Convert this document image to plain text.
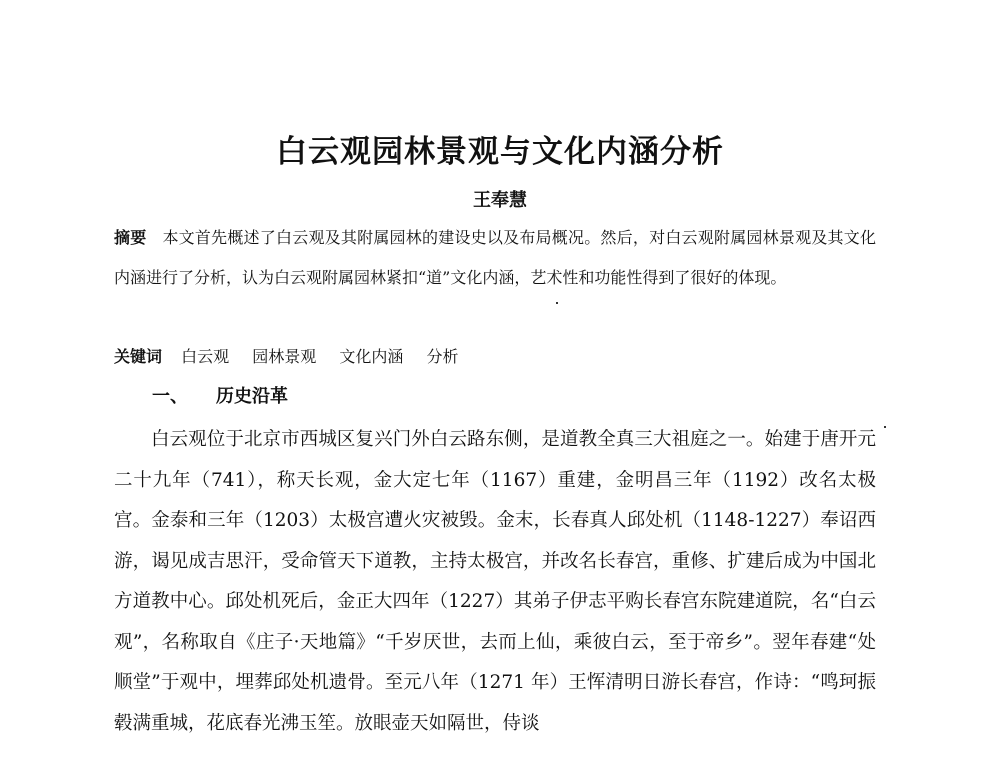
白云观园林景观与文化内涵分析
王奉慧
摘要 本文首先概述了白云观及其附属园林的建设史以及布局概况。然后，对白云观附属园林景观及其文化内涵进行了分析，认为白云观附属园林紧扣“道”文化内涵，艺术性和功能性得到了很好的体现。
关键词 白云观 园林景观 文化内涵 分析
一、 历史沿革

白云观位于北京市西城区复兴门外白云路东侧，是道教全真三大祖庭之一。始建于唐开元二十九年（741），称天长观，金大定七年（1167）重建，金明昌三年（1192）改名太极宫。金泰和三年（1203）太极宫遭火灾被毁。金末，长春真人邱处机（1148-1227）奉诏西游，谒见成吉思汗，受命管天下道教，主持太极宫，并改名长春宫，重修、扩建后成为中国北方道教中心。邱处机死后，金正大四年（1227）其弟子伊志平购长春宫东院建道院，名“白云观”，名称取自《庄子·天地篇》“千岁厌世，去而上仙，乘彼白云，至于帝乡”。翌年春建“处顺堂”于观中，埋葬邱处机遗骨。至元八年（1271 年）王恽清明日游长春宫，作诗：“鸣珂振毂满重城，花底春光沸玉笙。放眼壶天如隔世，侍谈
